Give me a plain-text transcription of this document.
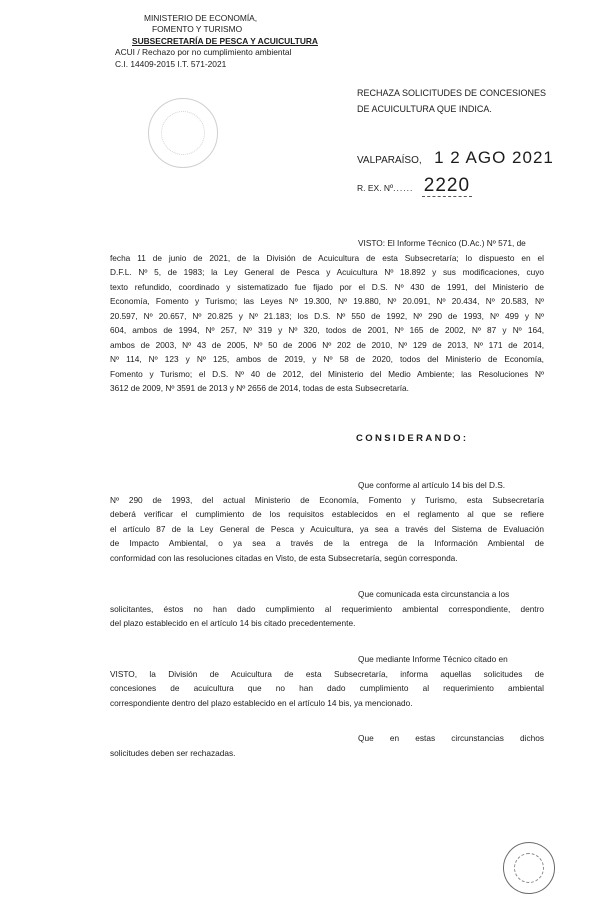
MINISTERIO DE ECONOMÍA,
FOMENTO Y TURISMO
SUBSECRETARÍA DE PESCA Y ACUICULTURA
ACUI / Rechazo por no cumplimiento ambiental
C.I. 14409-2015 I.T. 571-2021
RECHAZA SOLICITUDES DE CONCESIONES
DE ACUICULTURA QUE INDICA.
VALPARAÍSO, 1 2 AGO 2021
R. EX. Nº...... 2220
VISTO: El Informe Técnico (D.Ac.) Nº 571, de
fecha 11 de junio de 2021, de la División de Acuicultura de esta Subsecretaría; lo dispuesto en el
D.F.L. Nº 5, de 1983; la Ley General de Pesca y Acuicultura Nº 18.892 y sus modificaciones, cuyo
texto refundido, coordinado y sistematizado fue fijado por el D.S. Nº 430 de 1991, del Ministerio de
Economía, Fomento y Turismo; las Leyes Nº 19.300, Nº 19.880, Nº 20.091, Nº 20.434, Nº 20.583, Nº
20.597, Nº 20.657, Nº 20.825 y Nº 21.183; los D.S. Nº 550 de 1992, Nº 290 de 1993, Nº 499 y Nº
604, ambos de 1994, Nº 257, Nº 319 y Nº 320, todos de 2001, Nº 165 de 2002, Nº 87 y Nº 164,
ambos de 2003, Nº 43 de 2005, Nº 50 de 2006 Nº 202 de 2010, Nº 129 de 2013, Nº 171 de 2014,
Nº 114, Nº 123 y Nº 125, ambos de 2019, y Nº 58 de 2020, todos del Ministerio de Economía,
Fomento y Turismo; el D.S. Nº 40 de 2012, del Ministerio del Medio Ambiente; las Resoluciones Nº
3612 de 2009, Nº 3591 de 2013 y Nº 2656 de 2014, todas de esta Subsecretaría.
CONSIDERANDO:
Que conforme al artículo 14 bis del D.S.
Nº 290 de 1993, del actual Ministerio de Economía, Fomento y Turismo, esta Subsecretaría
deberá verificar el cumplimiento de los requisitos establecidos en el reglamento al que se refiere
el artículo 87 de la Ley General de Pesca y Acuicultura, ya sea a través del Sistema de Evaluación
de Impacto Ambiental, o ya sea a través de la entrega de la Información Ambiental de
conformidad con las resoluciones citadas en Visto, de esta Subsecretaría, según corresponda.
Que comunicada esta circunstancia a los
solicitantes, éstos no han dado cumplimiento al requerimiento ambiental correspondiente, dentro
del plazo establecido en el artículo 14 bis citado precedentemente.
Que mediante Informe Técnico citado en
VISTO, la División de Acuicultura de esta Subsecretaría, informa aquellas solicitudes de
concesiones de acuicultura que no han dado cumplimiento al requerimiento ambiental
correspondiente dentro del plazo establecido en el artículo 14 bis, ya mencionado.
Que en estas circunstancias dichos
solicitudes deben ser rechazadas.
